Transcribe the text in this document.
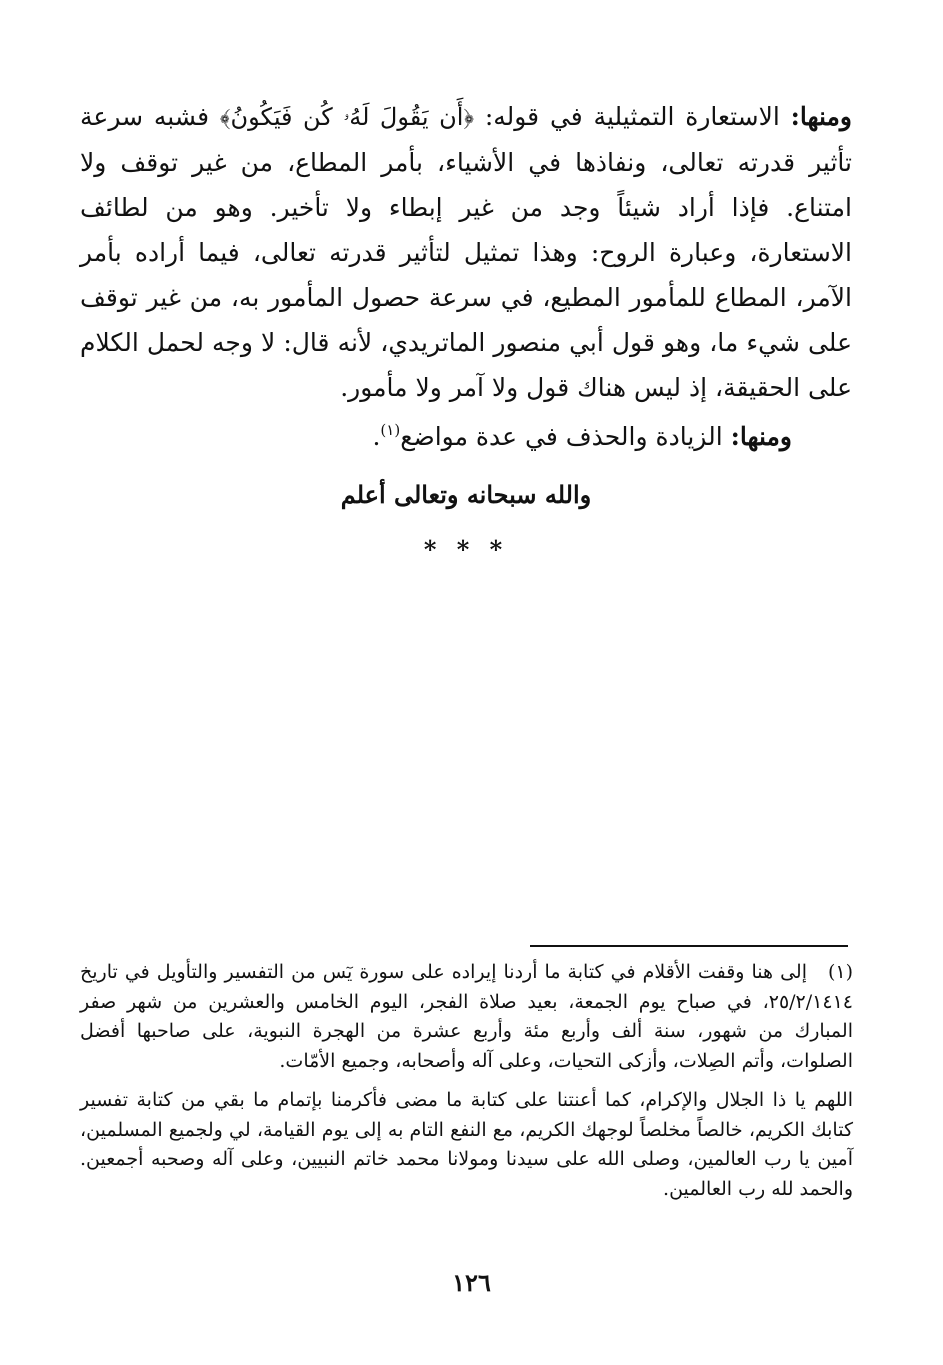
ومنها: الاستعارة التمثيلية في قوله: ﴿أَن يَقُولَ لَهُۥ كُن فَيَكُونُ﴾ فشبه سرعة تأثير قدرته تعالى، ونفاذها في الأشياء، بأمر المطاع، من غير توقف ولا امتناع. فإذا أراد شيئاً وجد من غير إبطاء ولا تأخير. وهو من لطائف الاستعارة، وعبارة الروح: وهذا تمثيل لتأثير قدرته تعالى، فيما أراده بأمر الآمر، المطاع للمأمور المطيع، في سرعة حصول المأمور به، من غير توقف على شيء ما، وهو قول أبي منصور الماتريدي، لأنه قال: لا وجه لحمل الكلام على الحقيقة، إذ ليس هناك قول ولا آمر ولا مأمور.

ومنها: الزيادة والحذف في عدة مواضع$^{(١)}$.

والله سبحانه وتعالى أعلم
* * *

(١)إلى هنا وقفت الأقلام في كتابة ما أردنا إيراده على سورة يٓس من التفسير والتأويل في تاريخ ٢٥/٢/١٤١٤، في صباح يوم الجمعة، بعيد صلاة الفجر، اليوم الخامس والعشرين من شهر صفر المبارك من شهور، سنة ألف وأربع مئة وأربع عشرة من الهجرة النبوية، على صاحبها أفضل الصلوات، وأتم الصِلات، وأزكى التحيات، وعلى آله وأصحابه، وجميع الأمّات.

اللهم يا ذا الجلال والإكرام، كما أعنتنا على كتابة ما مضى فأكرمنا بإتمام ما بقي من كتابة تفسير كتابك الكريم، خالصاً مخلصاً لوجهك الكريم، مع النفع التام به إلى يوم القيامة، لي ولجميع المسلمين، آمين يا رب العالمين، وصلى الله على سيدنا ومولانا محمد خاتم النبيين، وعلى آله وصحبه أجمعين. والحمد لله رب العالمين.

١٢٦
